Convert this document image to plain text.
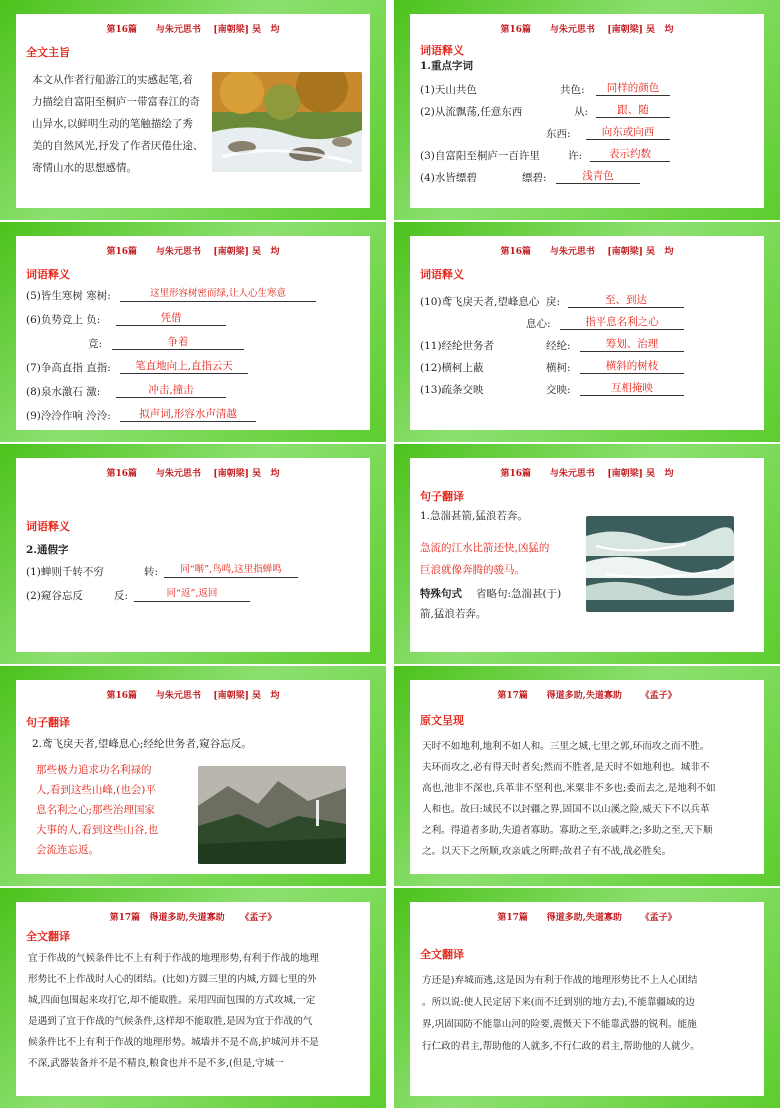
第16篇      与朱元思书    [南朝梁] 吴   均
全文主旨
本文从作者行船游江的实感起笔,着
力描绘自富阳至桐庐一带富春江的奇
山异水,以鲜明生动的笔触描绘了秀
美的自然风光,抒发了作者厌倦仕途、
寄情山水的思想感情。
第16篇      与朱元思书    [南朝梁] 吴   均
词语释义
1.重点字词
(1)天山共色	共色:	同样的颜色
(2)从流飘荡,任意东西	从:	跟、随
东西:	向东或向西
(3)自富阳至桐庐一百许里	许:	表示约数
(4)水皆缥碧	缥碧:	浅青色
第16篇      与朱元思书    [南朝梁] 吴   均
词语释义
(5)皆生寒树 寒树:	这里形容树密而绿,让人心生寒意
(6)负势竞上 负:	凭借
竞:	争着
(7)争高直指 直指:	笔直地向上,直指云天
(8)泉水激石 激:	冲击,撞击
(9)泠泠作响 泠泠:	拟声词,形容水声清越
第16篇      与朱元思书    [南朝梁] 吴   均
词语释义
(10)鸢飞戾天者,望峰息心 戾:	至、到达
息心:	指平息名利之心
(11)经纶世务者	经纶:	筹划、治理
(12)横柯上蔽	横柯:	横斜的树枝
(13)疏条交映	交映:	互相掩映
第16篇      与朱元思书    [南朝梁] 吴   均
词语释义
2.通假字
(1)蝉则千转不穷	转:	同“啭”,鸟鸣,这里指蝉鸣
(2)窥谷忘反	反:	同“返”,返回
第16篇      与朱元思书    [南朝梁] 吴   均
句子翻译
1.急湍甚箭,猛浪若奔。
急流的江水比箭还快,凶猛的
巨浪就像奔腾的骏马。
特殊句式 省略句:急湍甚(于)
箭,猛浪若奔。
第16篇      与朱元思书    [南朝梁] 吴   均
句子翻译
2.鸢飞戾天者,望峰息心;经纶世务者,窥谷忘反。
那些极力追求功名利禄的
人,看到这些山峰,(也会)平
息名利之心;那些治理国家
大事的人,看到这些山谷,也
会流连忘返。
第17篇      得道多助,失道寡助      《孟子》
原文呈现
天时不如地利,地利不如人和。三里之城,七里之郭,环而攻之而不胜。
夫环而攻之,必有得天时者矣;然而不胜者,是天时不如地利也。城非不
高也,池非不深也,兵革非不坚利也,米粟非不多也;委而去之,是地利不如
人和也。故曰:域民不以封疆之界,固国不以山溪之险,威天下不以兵革
之利。得道者多助,失道者寡助。寡助之至,亲戚畔之;多助之至,天下顺
之。以天下之所顺,攻亲戚之所畔;故君子有不战,战必胜矣。
第17篇   得道多助,失道寡助     《孟子》
全文翻译
宜于作战的气候条件比不上有利于作战的地理形势,有利于作战的地理
形势比不上作战时人心的团结。(比如)方圆三里的内城,方圆七里的外
城,四面包围起来攻打它,却不能取胜。采用四面包围的方式攻城,一定
是遇到了宜于作战的气候条件,这样却不能取胜,是因为宜于作战的气
候条件比不上有利于作战的地理形势。城墙并不是不高,护城河并不是
不深,武器装备并不是不精良,粮食也并不是不多,(但是,守城一
第17篇      得道多助,失道寡助      《孟子》
全文翻译
方还是)弃城而逃,这是因为有利于作战的地理形势比不上人心团结
。所以说:使人民定居下来(而不迁到别的地方去),不能靠疆域的边
界,巩固国防不能靠山河的险要,震慑天下不能靠武器的锐利。能施
行仁政的君主,帮助他的人就多,不行仁政的君主,帮助他的人就少。
